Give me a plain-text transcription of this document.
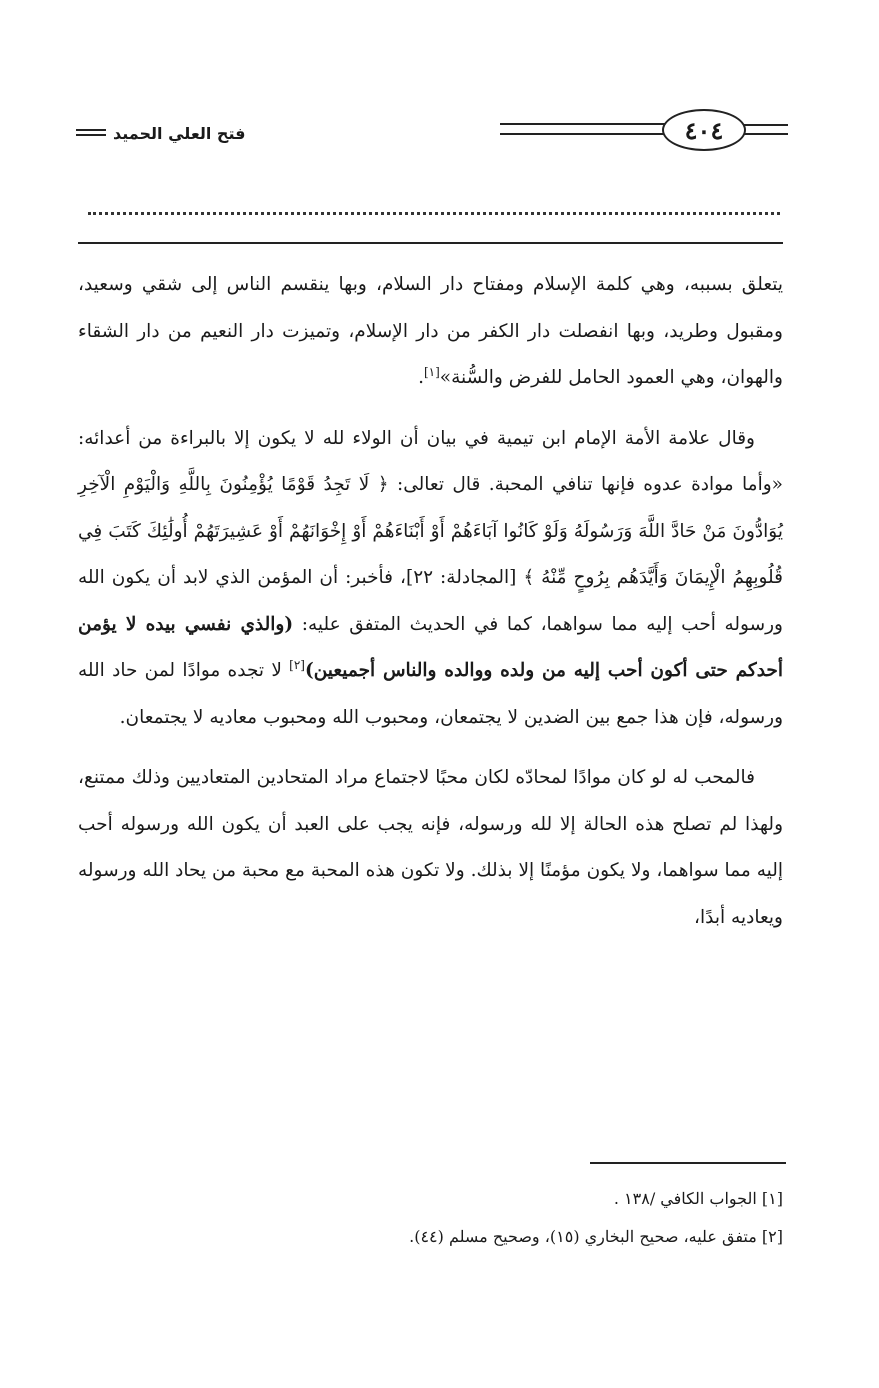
فتح العلي الحميد	٤٠٤

يتعلق بسببه، وهي كلمة الإسلام ومفتاح دار السلام، وبها ينقسم الناس إلى شقي وسعيد، ومقبول وطريد، وبها انفصلت دار الكفر من دار الإسلام، وتميزت دار النعيم من دار الشقاء والهوان، وهي العمود الحامل للفرض والسُّنة»[١].

وقال علامة الأمة الإمام ابن تيمية في بيان أن الولاء لله لا يكون إلا بالبراءة من أعدائه: «وأما موادة عدوه فإنها تنافي المحبة. قال تعالى: ﴿ لَا تَجِدُ قَوْمًا يُؤْمِنُونَ بِاللَّهِ وَالْيَوْمِ الْآخِرِ يُوَادُّونَ مَنْ حَادَّ اللَّهَ وَرَسُولَهُ وَلَوْ كَانُوا آبَاءَهُمْ أَوْ أَبْنَاءَهُمْ أَوْ إِخْوَانَهُمْ أَوْ عَشِيرَتَهُمْ أُولَٰئِكَ كَتَبَ فِي قُلُوبِهِمُ الْإِيمَانَ وَأَيَّدَهُم بِرُوحٍ مِّنْهُ ﴾ [المجادلة: ٢٢]، فأخبر: أن المؤمن الذي لابد أن يكون الله ورسوله أحب إليه مما سواهما، كما في الحديث المتفق عليه: (والذي نفسي بيده لا يؤمن أحدكم حتى أكون أحب إليه من ولده ووالده والناس أجميعين)[٢] لا تجده موادًا لمن حاد الله ورسوله، فإن هذا جمع بين الضدين لا يجتمعان، ومحبوب الله ومحبوب معاديه لا يجتمعان.

فالمحب له لو كان موادًا لمحادّه لكان محبًا لاجتماع مراد المتحادين المتعاديين وذلك ممتنع، ولهذا لم تصلح هذه الحالة إلا لله ورسوله، فإنه يجب على العبد أن يكون الله ورسوله أحب إليه مما سواهما، ولا يكون مؤمنًا إلا بذلك. ولا تكون هذه المحبة مع محبة من يحاد الله ورسوله ويعاديه أبدًا،

[١] الجواب الكافي /١٣٨ .

[٢] متفق عليه، صحيح البخاري (١٥)، وصحيح مسلم (٤٤).
